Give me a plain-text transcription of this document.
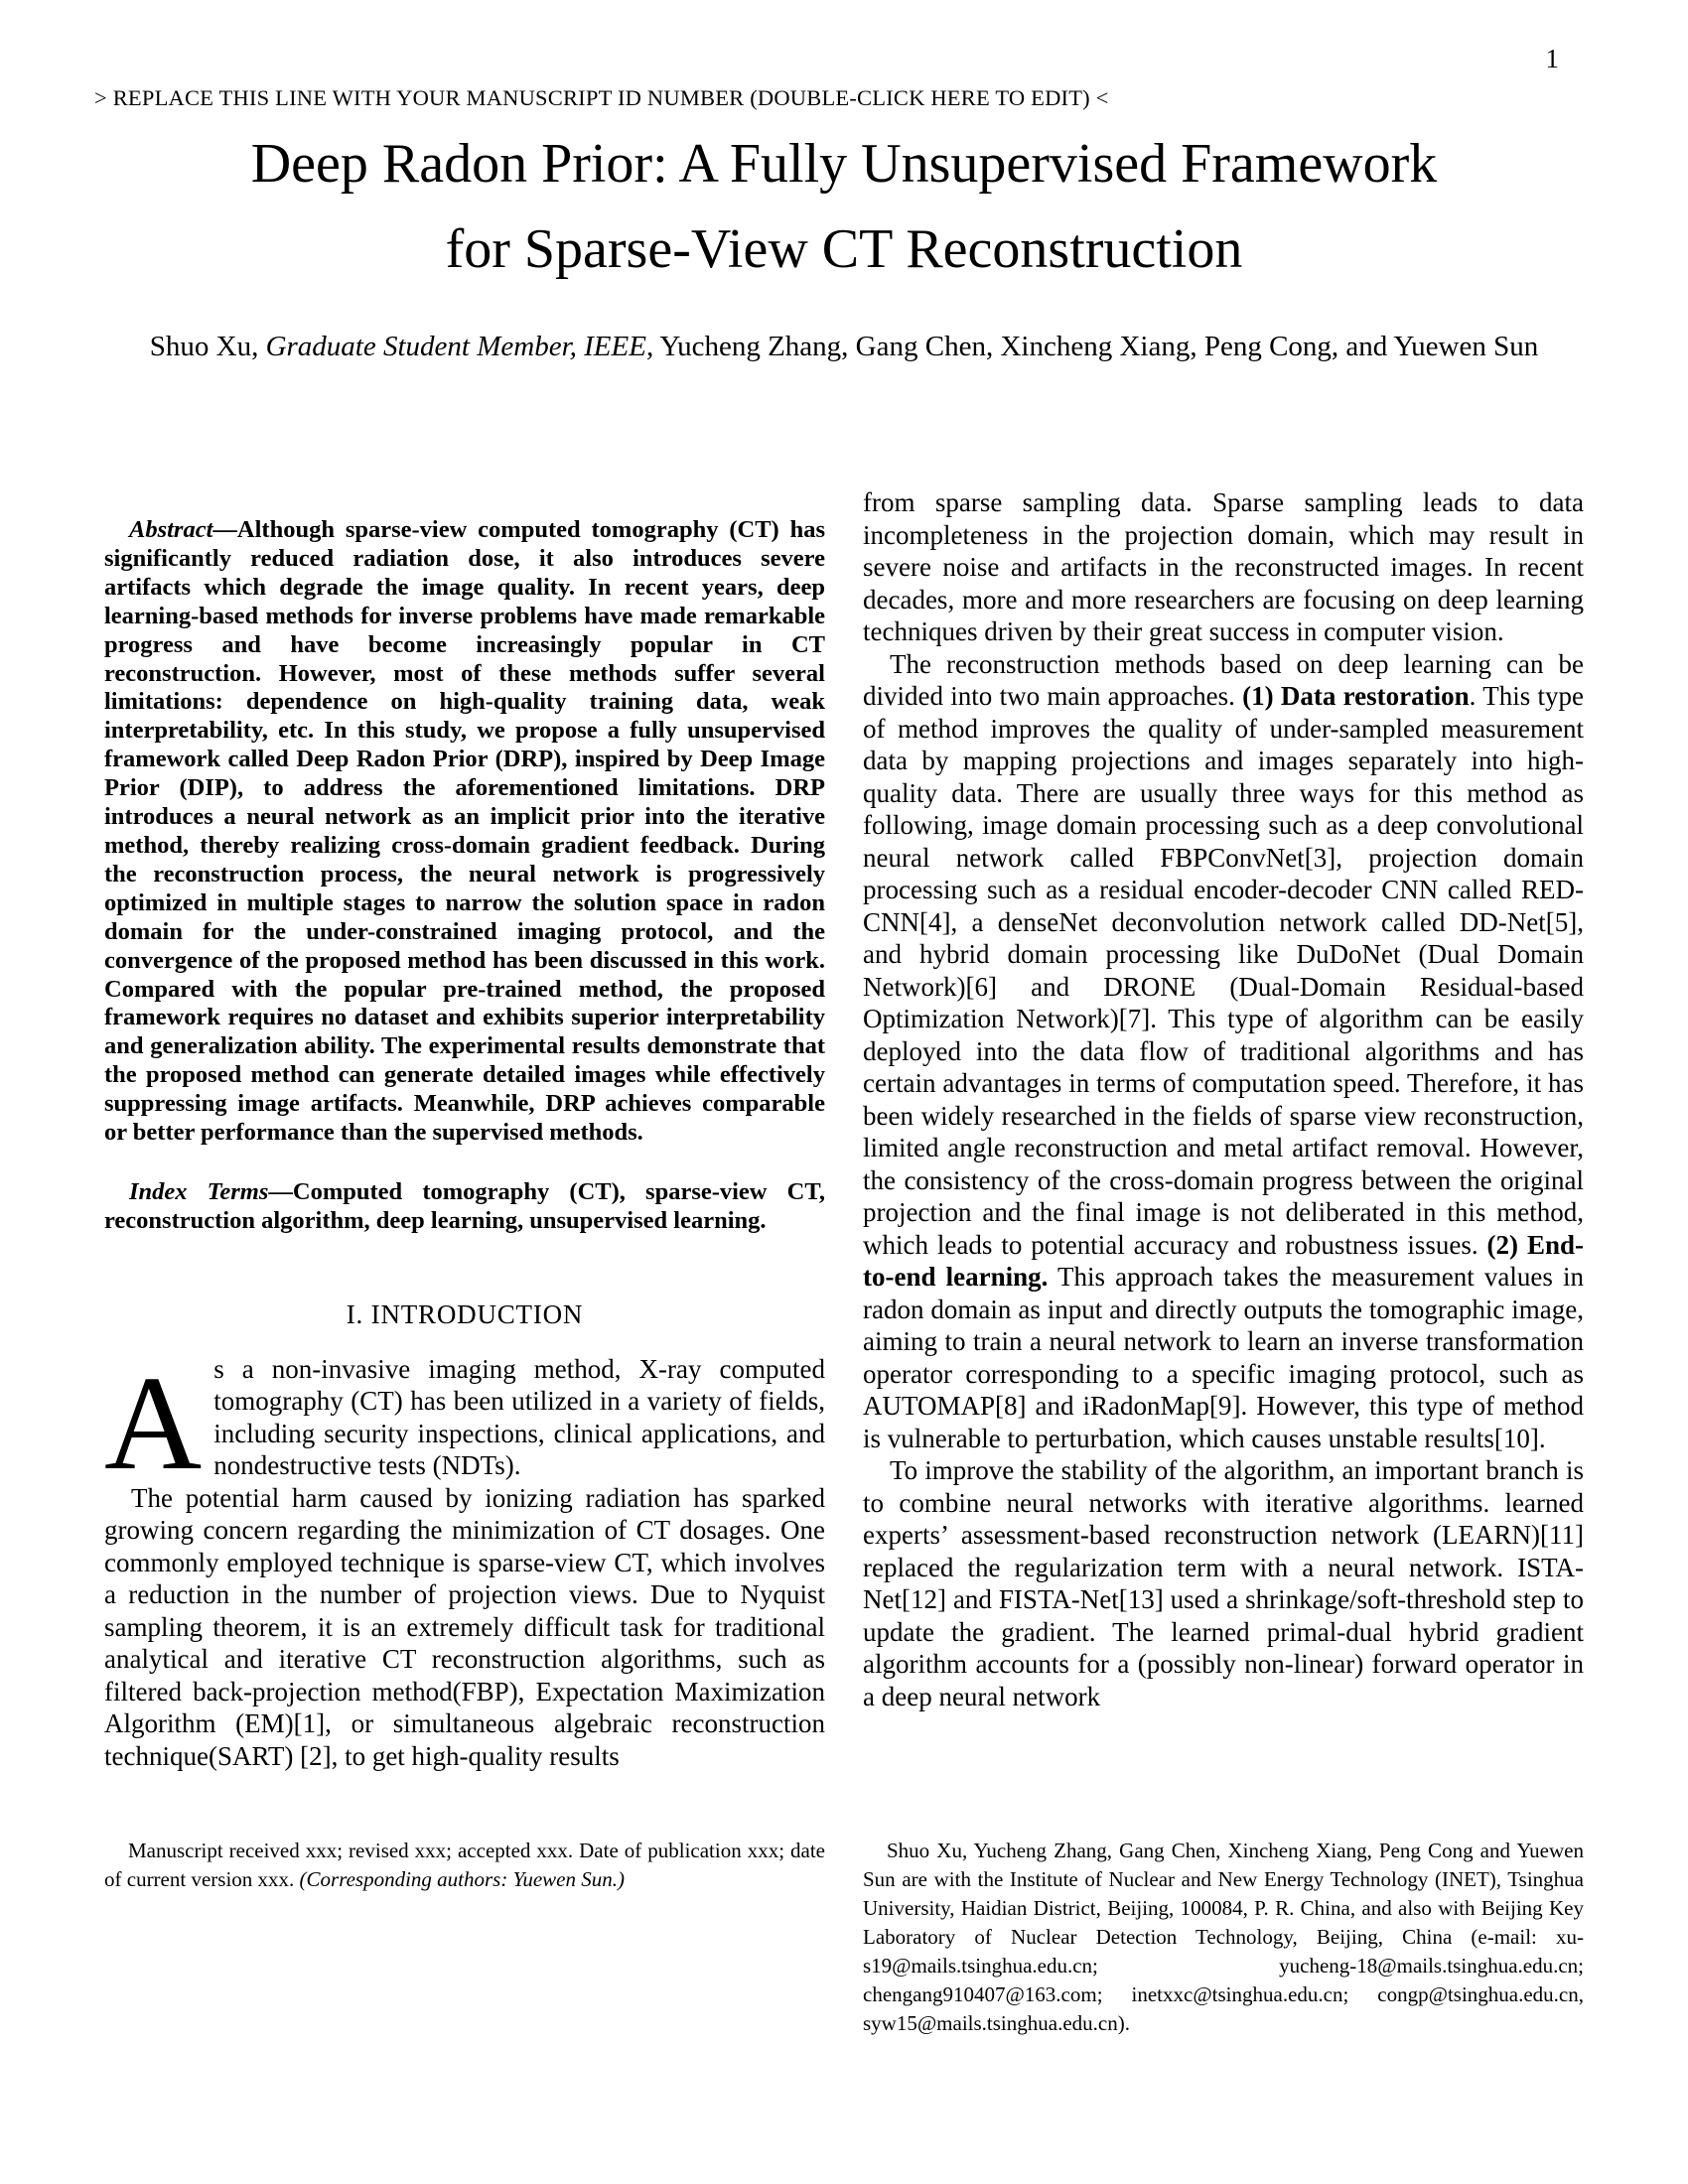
1
> REPLACE THIS LINE WITH YOUR MANUSCRIPT ID NUMBER (DOUBLE-CLICK HERE TO EDIT) <
Deep Radon Prior: A Fully Unsupervised Framework
for Sparse-View CT Reconstruction
Shuo Xu, Graduate Student Member, IEEE, Yucheng Zhang, Gang Chen, Xincheng Xiang, Peng Cong, and Yuewen Sun

Abstract—Although sparse-view computed tomography (CT) has significantly reduced radiation dose, it also introduces severe artifacts which degrade the image quality. In recent years, deep learning-based methods for inverse problems have made remarkable progress and have become increasingly popular in CT reconstruction. However, most of these methods suffer several limitations: dependence on high-quality training data, weak interpretability, etc. In this study, we propose a fully unsupervised framework called Deep Radon Prior (DRP), inspired by Deep Image Prior (DIP), to address the aforementioned limitations. DRP introduces a neural network as an implicit prior into the iterative method, thereby realizing cross-domain gradient feedback. During the reconstruction process, the neural network is progressively optimized in multiple stages to narrow the solution space in radon domain for the under-constrained imaging protocol, and the convergence of the proposed method has been discussed in this work. Compared with the popular pre-trained method, the proposed framework requires no dataset and exhibits superior interpretability and generalization ability. The experimental results demonstrate that the proposed method can generate detailed images while effectively suppressing image artifacts. Meanwhile, DRP achieves comparable or better performance than the supervised methods.

Index Terms—Computed tomography (CT), sparse-view CT, reconstruction algorithm, deep learning, unsupervised learning.

I. INTRODUCTION

As a non-invasive imaging method, X-ray computed tomography (CT) has been utilized in a variety of fields, including security inspections, clinical applications, and nondestructive tests (NDTs).

The potential harm caused by ionizing radiation has sparked growing concern regarding the minimization of CT dosages. One commonly employed technique is sparse-view CT, which involves a reduction in the number of projection views. Due to Nyquist sampling theorem, it is an extremely difficult task for traditional analytical and iterative CT reconstruction algorithms, such as filtered back-projection method(FBP), Expectation Maximization Algorithm (EM)[1], or simultaneous algebraic reconstruction technique(SART) [2], to get high-quality results

Manuscript received xxx; revised xxx; accepted xxx. Date of publication xxx; date of current version xxx. (Corresponding authors: Yuewen Sun.)

from sparse sampling data. Sparse sampling leads to data incompleteness in the projection domain, which may result in severe noise and artifacts in the reconstructed images. In recent decades, more and more researchers are focusing on deep learning techniques driven by their great success in computer vision.

The reconstruction methods based on deep learning can be divided into two main approaches. (1) Data restoration. This type of method improves the quality of under-sampled measurement data by mapping projections and images separately into high-quality data. There are usually three ways for this method as following, image domain processing such as a deep convolutional neural network called FBPConvNet[3], projection domain processing such as a residual encoder-decoder CNN called RED-CNN[4], a denseNet deconvolution network called DD-Net[5], and hybrid domain processing like DuDoNet (Dual Domain Network)[6] and DRONE (Dual-Domain Residual-based Optimization Network)[7]. This type of algorithm can be easily deployed into the data flow of traditional algorithms and has certain advantages in terms of computation speed. Therefore, it has been widely researched in the fields of sparse view reconstruction, limited angle reconstruction and metal artifact removal. However, the consistency of the cross-domain progress between the original projection and the final image is not deliberated in this method, which leads to potential accuracy and robustness issues. (2) End-to-end learning. This approach takes the measurement values in radon domain as input and directly outputs the tomographic image, aiming to train a neural network to learn an inverse transformation operator corresponding to a specific imaging protocol, such as AUTOMAP[8] and iRadonMap[9]. However, this type of method is vulnerable to perturbation, which causes unstable results[10].

To improve the stability of the algorithm, an important branch is to combine neural networks with iterative algorithms. learned experts’ assessment-based reconstruction network (LEARN)[11] replaced the regularization term with a neural network. ISTA-Net[12] and FISTA-Net[13] used a shrinkage/soft-threshold step to update the gradient. The learned primal-dual hybrid gradient algorithm accounts for a (possibly non-linear) forward operator in a deep neural network

Shuo Xu, Yucheng Zhang, Gang Chen, Xincheng Xiang, Peng Cong and Yuewen Sun are with the Institute of Nuclear and New Energy Technology (INET), Tsinghua University, Haidian District, Beijing, 100084, P. R. China, and also with Beijing Key Laboratory of Nuclear Detection Technology, Beijing, China (e-mail: xu-s19@mails.tsinghua.edu.cn; yucheng-18@mails.tsinghua.edu.cn; chengang910407@163.com; inetxxc@tsinghua.edu.cn; congp@tsinghua.edu.cn, syw15@mails.tsinghua.edu.cn).
